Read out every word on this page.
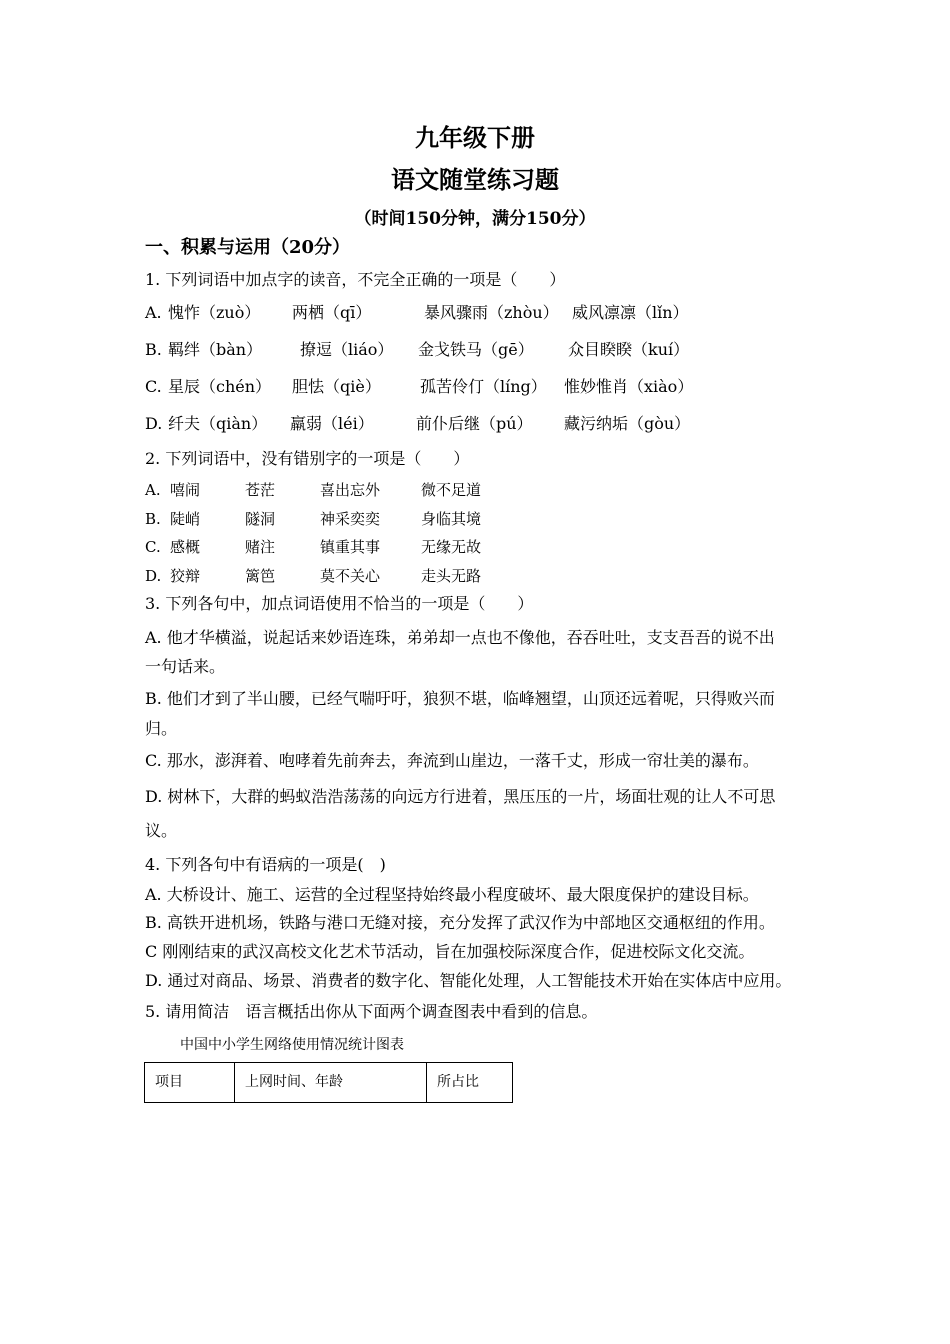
九年级下册
语文随堂练习题
（时间150分钟，满分150分）
一、积累与运用（20分）
1. 下列词语中加点字的读音，不完全正确的一项是（　　）
A. 愧怍（zuò） 两栖（qī）	暴风骤雨（zhòu） 威风凛凛（lǐn）
B. 羁绊（bàn） 撩逗（liáo） 金戈铁马（gē） 众目睽睽（kuí）
C. 星辰（chén） 胆怯（qiè） 孤苦伶仃（líng） 惟妙惟肖（xiào）
D. 纤夫（qiàn） 羸弱（léi）	前仆后继（pú） 藏污纳垢（gòu）
2. 下列词语中，没有错别字的一项是（　　）
A. 嘻闹	苍茫	喜出忘外	微不足道
B. 陡峭	隧洞	神采奕奕	身临其境
C. 感概	赌注	镇重其事	无缘无故
D. 狡辩	篱笆	莫不关心	走头无路
3. 下列各句中，加点词语使用不恰当的一项是（　　）
A. 他才华横溢，说起话来妙语连珠，弟弟却一点也不像他，吞吞吐吐，支支吾吾的说不出
一句话来。
B. 他们才到了半山腰，已经气喘吁吁，狼狈不堪，临峰翘望，山顶还远着呢，只得败兴而
归。
C. 那水，澎湃着、咆哮着先前奔去，奔流到山崖边，一落千丈，形成一帘壮美的瀑布。
D. 树林下，大群的蚂蚁浩浩荡荡的向远方行进着，黑压压的一片，场面壮观的让人不可思
议。
4. 下列各句中有语病的一项是(　)
A. 大桥设计、施工、运营的全过程坚持始终最小程度破坏、最大限度保护的建设目标。
B. 高铁开进机场，铁路与港口无缝对接，充分发挥了武汉作为中部地区交通枢纽的作用。
C 刚刚结束的武汉高校文化艺术节活动，旨在加强校际深度合作，促进校际文化交流。
D. 通过对商品、场景、消费者的数字化、智能化处理，人工智能技术开始在实体店中应用。
5. 请用简洁　语言概括出你从下面两个调查图表中看到的信息。
中国中小学生网络使用情况统计图表
项目	上网时间、年龄	所占比
